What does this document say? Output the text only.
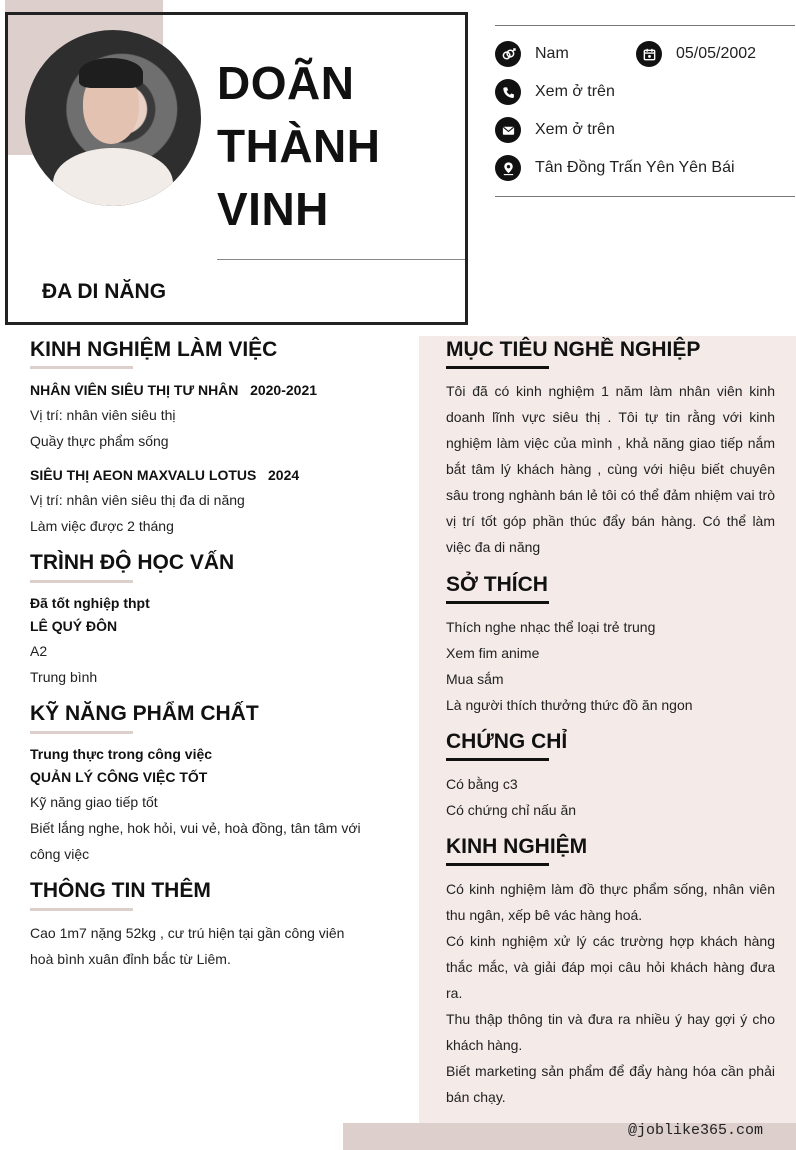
DOÃN
THÀNH
VINH
ĐA DI NĂNG
Nam	05/05/2002
Xem ở trên
Xem ở trên
Tân Đồng Trấn Yên Yên Bái
KINH NGHIỆM LÀM VIỆC
NHÂN VIÊN SIÊU THỊ TƯ NHÂN   2020-2021
Vị trí: nhân viên siêu thị
Quầy thực phẩm sống
SIÊU THỊ AEON MAXVALU LOTUS   2024
Vị trí: nhân viên siêu thị đa di năng
Làm việc được 2 tháng
TRÌNH ĐỘ HỌC VẤN
Đã tốt nghiệp thpt
LÊ QUÝ ĐÔN
A2
Trung bình
KỸ NĂNG PHẨM CHẤT
Trung thực trong công việc
QUẢN LÝ CÔNG VIỆC TỐT
Kỹ năng giao tiếp tốt
Biết lắng nghe, hok hỏi, vui vẻ, hoà đồng, tân tâm với
công việc
THÔNG TIN THÊM
Cao 1m7 nặng 52kg , cư trú hiện tại gần công viên
hoà bình xuân đỉnh bắc từ Liêm.
MỤC TIÊU NGHỀ NGHIỆP
Tôi đã có kinh nghiệm 1 năm làm nhân viên kinh doanh lĩnh vực siêu thị . Tôi tự tin rằng với kinh nghiệm làm việc của mình , khả năng giao tiếp nắm bắt tâm lý khách hàng , cùng với hiệu biết chuyên sâu trong nghành bán lẻ tôi có thể đảm nhiệm vai trò vị trí tốt góp phần thúc đẩy bán hàng. Có thể làm việc đa di năng
SỞ THÍCH
Thích nghe nhạc thể loại trẻ trung
Xem fim anime
Mua sắm
Là người thích thưởng thức đồ ăn ngon
CHỨNG CHỈ
Có bằng c3
Có chứng chỉ nấu ăn
KINH NGHIỆM
Có kinh nghiệm làm đồ thực phẩm sống, nhân viên thu ngân, xếp bê vác hàng hoá.
Có kinh nghiệm xử lý các trường hợp khách hàng thắc mắc, và giải đáp mọi câu hỏi khách hàng đưa ra.
Thu thập thông tin và đưa ra nhiều ý hay gợi ý cho khách hàng.
Biết marketing sản phẩm để đẩy hàng hóa cần phải bán chạy.
@joblike365.com
